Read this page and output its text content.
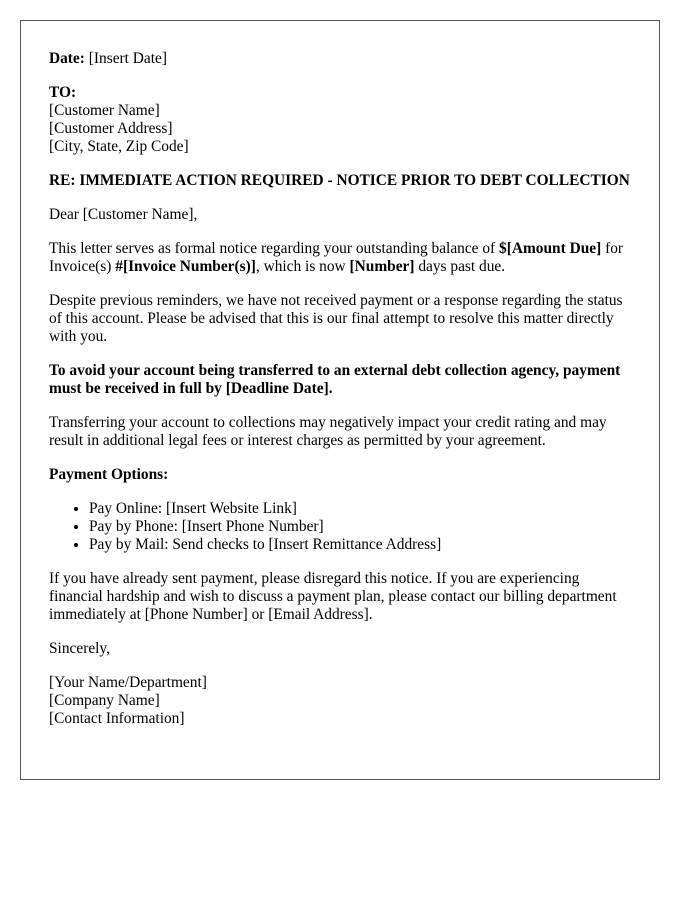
Date: [Insert Date]

TO:
[Customer Name]
[Customer Address]
[City, State, Zip Code]

RE: IMMEDIATE ACTION REQUIRED - NOTICE PRIOR TO DEBT COLLECTION

Dear [Customer Name],

This letter serves as formal notice regarding your outstanding balance of $[Amount Due] for Invoice(s) #[Invoice Number(s)], which is now [Number] days past due.

Despite previous reminders, we have not received payment or a response regarding the status of this account. Please be advised that this is our final attempt to resolve this matter directly with you.

To avoid your account being transferred to an external debt collection agency, payment must be received in full by [Deadline Date].

Transferring your account to collections may negatively impact your credit rating and may result in additional legal fees or interest charges as permitted by your agreement.

Payment Options:

• Pay Online: [Insert Website Link]
• Pay by Phone: [Insert Phone Number]
• Pay by Mail: Send checks to [Insert Remittance Address]

If you have already sent payment, please disregard this notice. If you are experiencing financial hardship and wish to discuss a payment plan, please contact our billing department immediately at [Phone Number] or [Email Address].

Sincerely,

[Your Name/Department]
[Company Name]
[Contact Information]
